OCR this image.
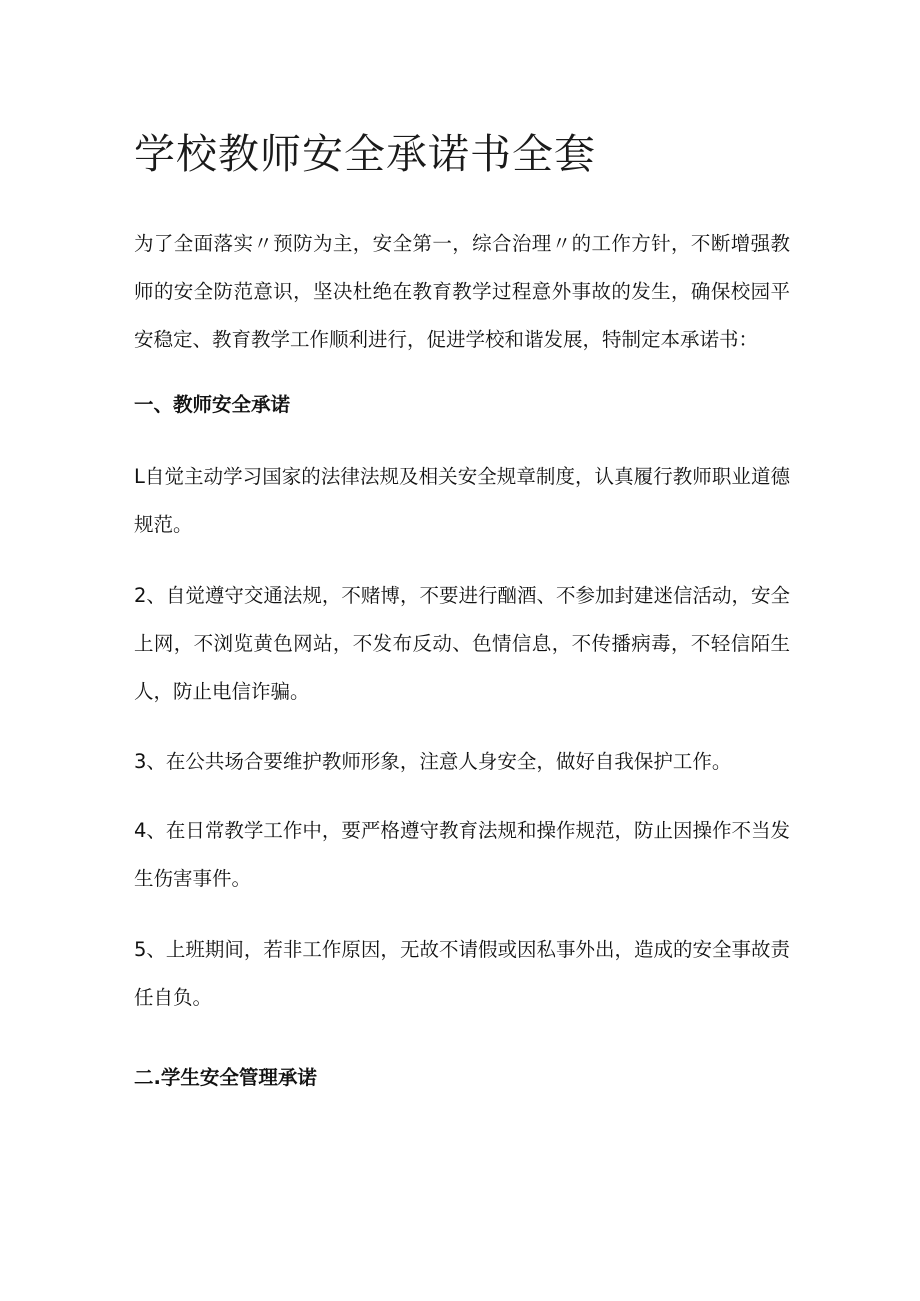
学校教师安全承诺书全套

为了全面落实〃预防为主，安全第一，综合治理〃的工作方针，不断增强教师的安全防范意识，坚决杜绝在教育教学过程意外事故的发生，确保校园平安稳定、教育教学工作顺利进行，促进学校和谐发展，特制定本承诺书：

一、教师安全承诺

L自觉主动学习国家的法律法规及相关安全规章制度，认真履行教师职业道德规范。

2、自觉遵守交通法规，不赌博，不要进行酗酒、不参加封建迷信活动，安全上网，不浏览黄色网站，不发布反动、色情信息，不传播病毒，不轻信陌生人，防止电信诈骗。

3、在公共场合要维护教师形象，注意人身安全，做好自我保护工作。

4、在日常教学工作中，要严格遵守教育法规和操作规范，防止因操作不当发生伤害事件。

5、上班期间，若非工作原因，无故不请假或因私事外出，造成的安全事故责任自负。

二.学生安全管理承诺
